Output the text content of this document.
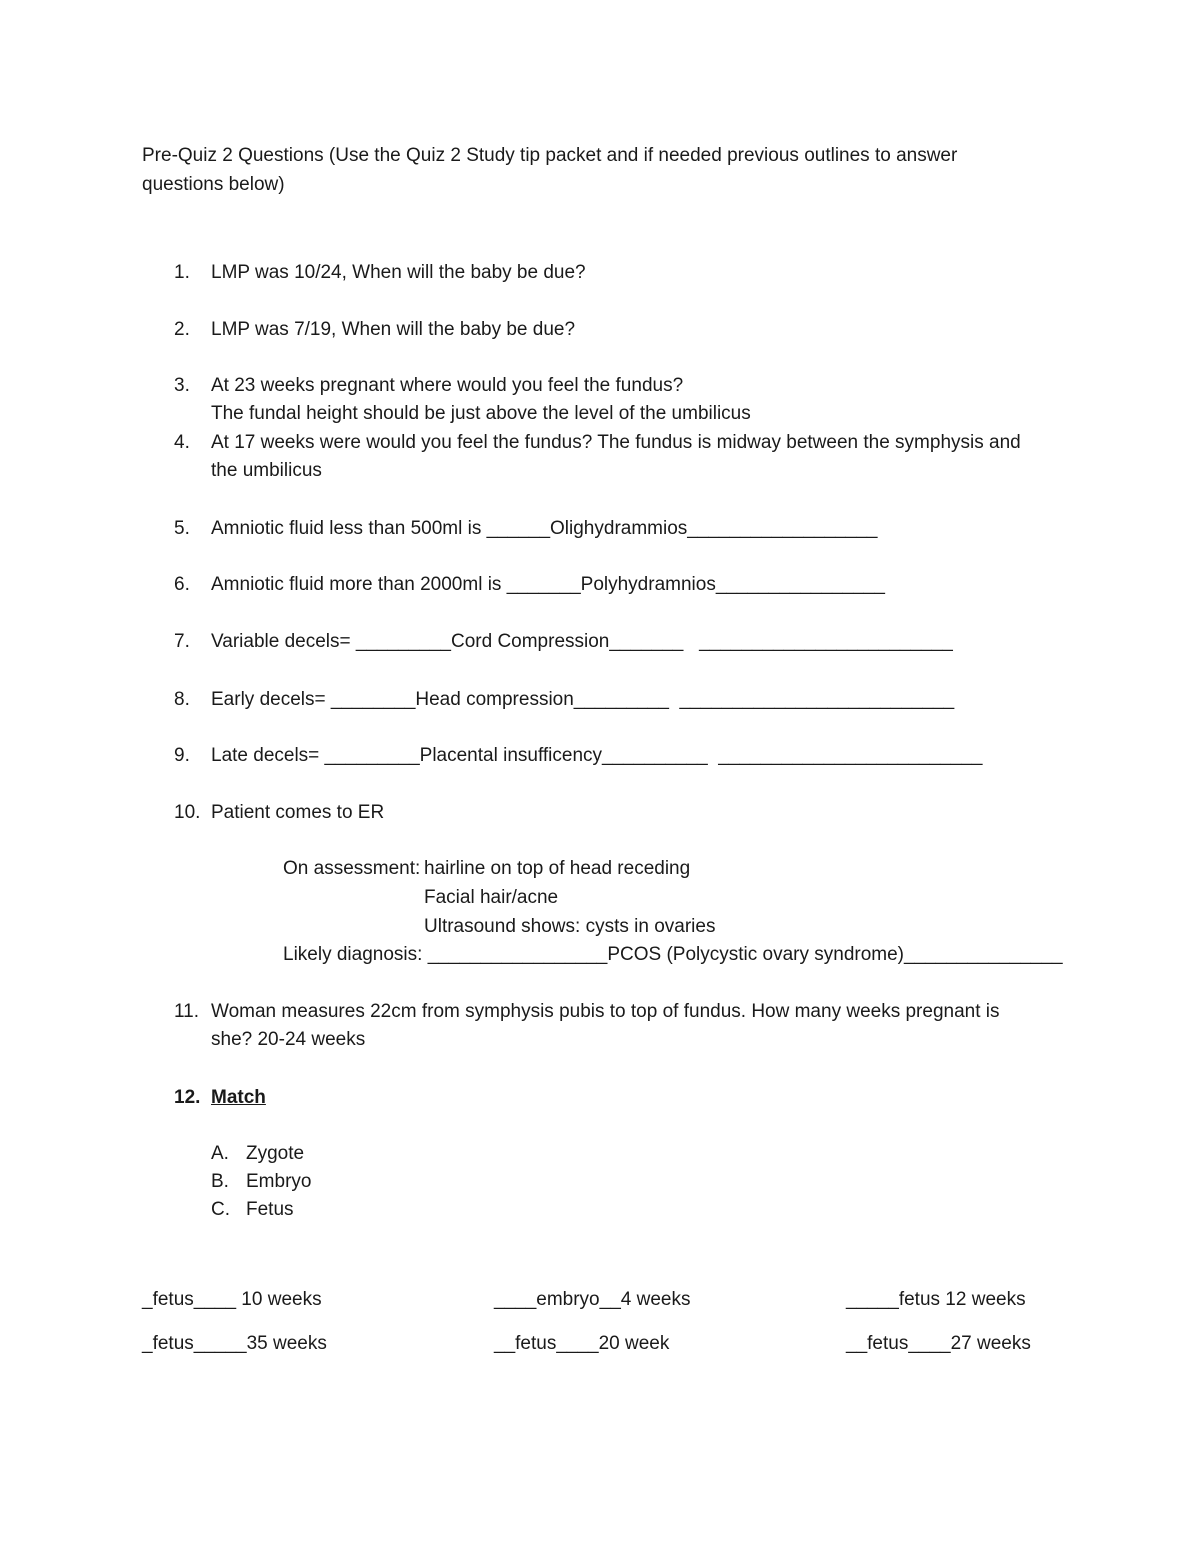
Pre-Quiz 2 Questions (Use the Quiz 2 Study tip packet and if needed previous outlines to answer
questions below)
1. LMP was 10/24, When will the baby be due?
2. LMP was 7/19, When will the baby be due?
3. At 23 weeks pregnant where would you feel the fundus?
The fundal height should be just above the level of the umbilicus
4. At 17 weeks were would you feel the fundus? The fundus is midway between the symphysis and
the umbilicus
5. Amniotic fluid less than 500ml is ______Olighydrammios__________________
6. Amniotic fluid more than 2000ml is _______Polyhydramnios________________
7. Variable decels= _________Cord Compression_______   ________________________
8. Early decels= ________Head compression_________  __________________________
9. Late decels= _________Placental insufficency__________  _________________________
10. Patient comes to ER
On assessment: hairline on top of head receding
Facial hair/acne
Ultrasound shows: cysts in ovaries
Likely diagnosis: _________________PCOS (Polycystic ovary syndrome)_______________
11. Woman measures 22cm from symphysis pubis to top of fundus. How many weeks pregnant is
she? 20-24 weeks
12. Match
A. Zygote
B. Embryo
C. Fetus
_fetus____ 10 weeks	____embryo__4 weeks	_____fetus 12 weeks
_fetus_____35 weeks	__fetus____20 week	__fetus____27 weeks
